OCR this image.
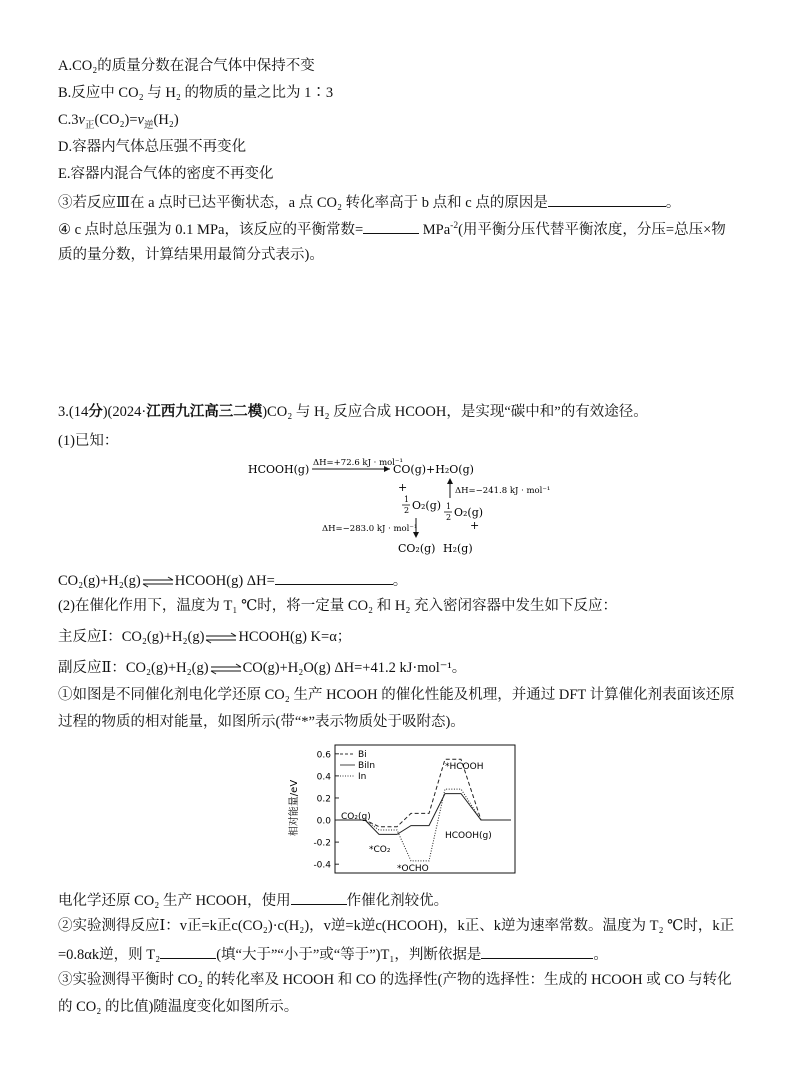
A.CO₂的质量分数在混合气体中保持不变
B.反应中 CO₂ 与 H₂ 的物质的量之比为 1∶3
$C.3v_正(CO_2)=v_逆(H_2)$
D.容器内气体总压强不再变化
E.容器内混合气体的密度不再变化
③若反应Ⅲ在 a 点时已达平衡状态，a 点 CO₂ 转化率高于 b 点和 c 点的原因是	。
④ c 点时总压强为 0.1 MPa，该反应的平衡常数=	MPa$^{-2}$(用平衡分压代替平衡浓度，分压=总压×物
质的量分数，计算结果用最简分式表示)。
3.(14分)(2024·江西九江高三二模)CO₂ 与 H₂ 反应合成 HCOOH，是实现“碳中和”的有效途径。
(1)已知：
HCOOH(g) ΔH=+72.6 kJ · mol⁻¹
CO(g)+H₂O(g)
+	ΔH=−241.8 kJ · mol⁻¹
1
2 O₂(g) 1
2 O₂(g)
+
ΔH=−283.0 kJ · mol⁻¹
CO₂(g) H₂(g)
CO₂(g)+H₂(g)⇌HCOOH(g) ΔH=	。
(2)在催化作用下，温度为 T₁ ℃时，将一定量 CO₂ 和 H₂ 充入密闭容器中发生如下反应：
主反应Ⅰ：CO₂(g)+H₂(g)⇌HCOOH(g) K=α；
副反应Ⅱ：CO₂(g)+H₂(g)⇌CO(g)+H₂O(g) ΔH=+41.2 kJ·mol⁻¹。
①如图是不同催化剂电化学还原 CO₂ 生产 HCOOH 的催化性能及机理，并通过 DFT 计算催化剂表面该还原
过程的物质的相对能量，如图所示(带“*”表示物质处于吸附态)。
相对能量/eV
0.6
0.4
0.2
0.0
-0.2
-0.4
Bi
BiIn
In
*HCOOH
CO₂(g)
*CO₂
*OCHO
HCOOH(g)
电化学还原 CO₂ 生产 HCOOH，使用	作催化剂较优。
②实验测得反应Ⅰ：v正=k正c(CO₂)·c(H₂)，v逆=k逆c(HCOOH)，k正、k逆为速率常数。温度为 T₂ ℃时，k正
=0.8αk逆，则 T₂	(填“大于”“小于”或“等于”)T₁，判断依据是	。
③实验测得平衡时 CO₂ 的转化率及 HCOOH 和 CO 的选择性(产物的选择性：生成的 HCOOH 或 CO 与转化
的 CO₂ 的比值)随温度变化如图所示。
